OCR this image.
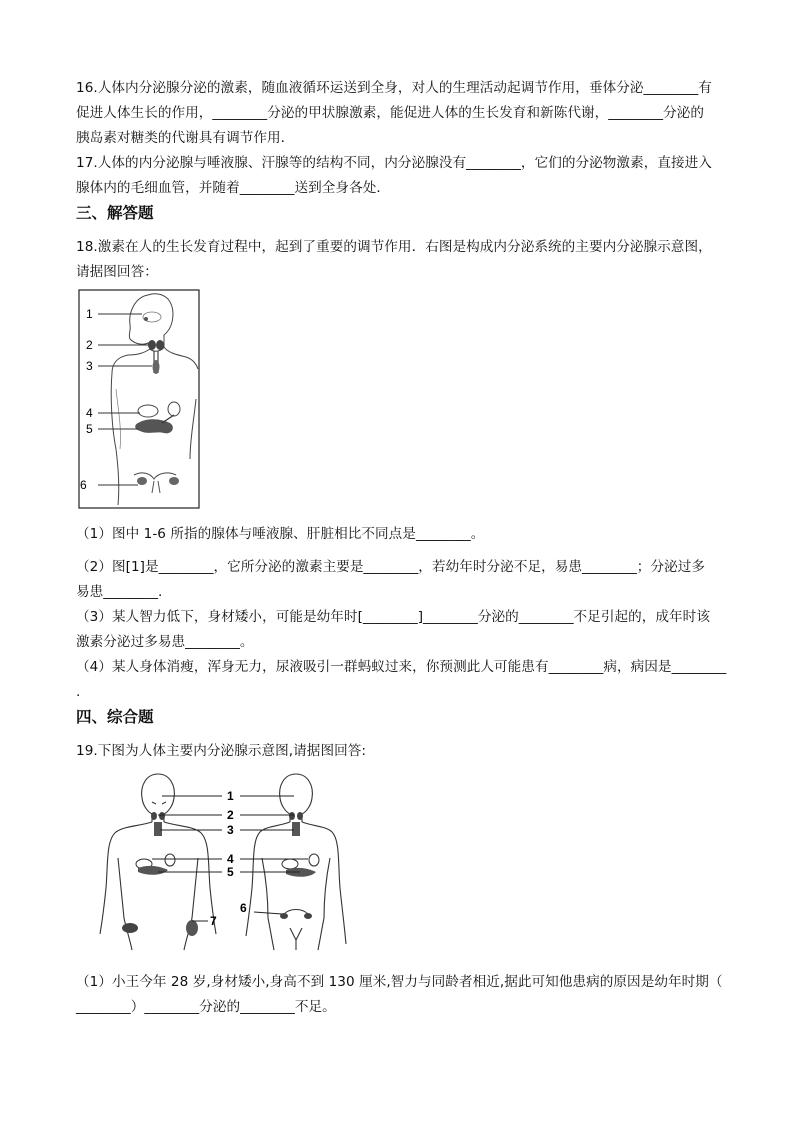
16.人体内分泌腺分泌的激素，随血液循环运送到全身，对人的生理活动起调节作用，垂体分泌________有
促进人体生长的作用，________分泌的甲状腺激素，能促进人体的生长发育和新陈代谢，________分泌的
胰岛素对糖类的代谢具有调节作用．
17.人体的内分泌腺与唾液腺、汗腺等的结构不同，内分泌腺没有________，它们的分泌物激素，直接进入
腺体内的毛细血管，并随着________送到全身各处．
三、解答题
18.激素在人的生长发育过程中，起到了重要的调节作用．右图是构成内分泌系统的主要内分泌腺示意图，
请据图回答：
1
2
3
4
5
6
（1）图中 1-6 所指的腺体与唾液腺、肝脏相比不同点是________。
（2）图[1]是________，它所分泌的激素主要是________，若幼年时分泌不足，易患________；分泌过多
易患________.
（3）某人智力低下，身材矮小，可能是幼年时[________]________分泌的________不足引起的，成年时该
激素分泌过多易患________。
（4）某人身体消瘦，浑身无力，尿液吸引一群蚂蚁过来，你预测此人可能患有________病，病因是________
.
四、综合题
19.下图为人体主要内分泌腺示意图,请据图回答:
1
2
3
4
5
6
7
（1）小王今年 28 岁,身材矮小,身高不到 130 厘米,智力与同龄者相近,据此可知他患病的原因是幼年时期（
________）________分泌的________不足。
